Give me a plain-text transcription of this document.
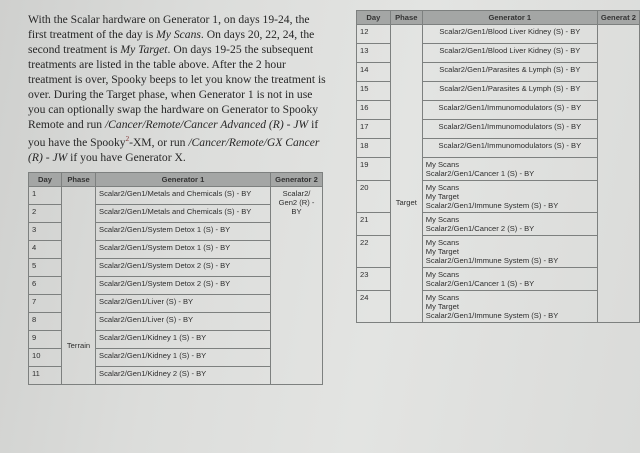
With the Scalar hardware on Generator 1, on days 19-24, the first treatment of the day is My Scans. On days 20, 22, 24, the second treatment is My Target. On days 19-25 the subsequent treatments are listed in the table above. After the 2 hour treatment is over, Spooky beeps to let you know the treatment is over. During the Target phase, when Generator 1 is not in use you can optionally swap the hardware on Generator to Spooky Remote and run /Cancer/Remote/Cancer Advanced (R) - JW if you have the Spooky$^2$-XM, or run /Cancer/Remote/GX Cancer (R) - JW if you have Generator X.
Day	Phase	Generator 1	Generator 2
1	Terrain	Scalar2/Gen1/Metals and Chemicals (S) - BY	Scalar2/ Gen2 (R) - BY
2		Scalar2/Gen1/Metals and Chemicals (S) - BY	
3		Scalar2/Gen1/System Detox 1 (S) - BY	
4		Scalar2/Gen1/System Detox 1 (S) - BY	
5		Scalar2/Gen1/System Detox 2 (S) - BY	
6		Scalar2/Gen1/System Detox 2 (S) - BY	
7		Scalar2/Gen1/Liver (S) - BY	
8		Scalar2/Gen1/Liver (S) - BY	
9		Scalar2/Gen1/Kidney 1 (S) - BY	
10		Scalar2/Gen1/Kidney 1 (S) - BY	
11		Scalar2/Gen1/Kidney 2 (S) - BY	
Day	Phase	Generator 1	Generat 2
12	Target	Scalar2/Gen1/Blood Liver Kidney (S) - BY	
13		Scalar2/Gen1/Blood Liver Kidney (S) - BY	
14		Scalar2/Gen1/Parasites & Lymph (S) - BY	
15		Scalar2/Gen1/Parasites & Lymph (S) - BY	
16		Scalar2/Gen1/Immunomodulators (S) - BY	
17		Scalar2/Gen1/Immunomodulators (S) - BY	
18		Scalar2/Gen1/Immunomodulators (S) - BY	
19		My Scans
Scalar2/Gen1/Cancer 1 (S) - BY	
20		My Scans
My Target
Scalar2/Gen1/Immune System (S) - BY	
21		My Scans
Scalar2/Gen1/Cancer 2 (S) - BY	
22		My Scans
My Target
Scalar2/Gen1/Immune System (S) - BY	
23		My Scans
Scalar2/Gen1/Cancer 1 (S) - BY	
24		My Scans
My Target
Scalar2/Gen1/Immune System (S) - BY	
